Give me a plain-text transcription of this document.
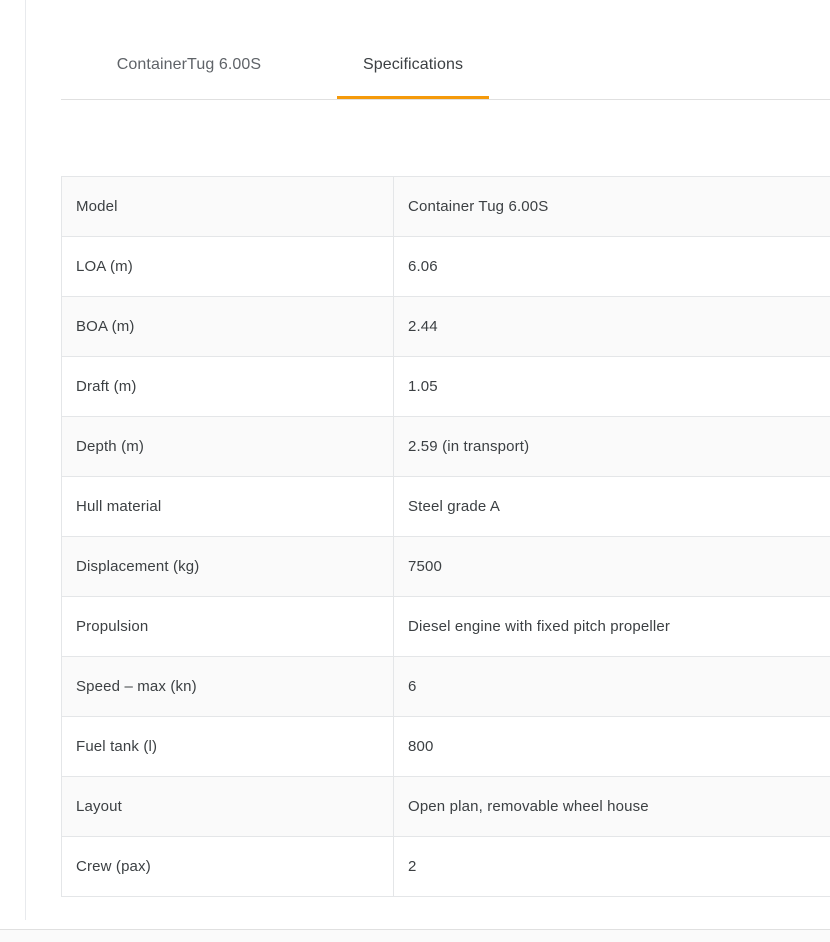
ContainerTug 6.00S	Specifications
Model	Container Tug 6.00S
LOA (m)	6.06
BOA (m)	2.44
Draft (m)	1.05
Depth (m)	2.59 (in transport)
Hull material	Steel grade A
Displacement (kg)	7500
Propulsion	Diesel engine with fixed pitch propeller
Speed – max (kn)	6
Fuel tank (l)	800
Layout	Open plan, removable wheel house
Crew (pax)	2
